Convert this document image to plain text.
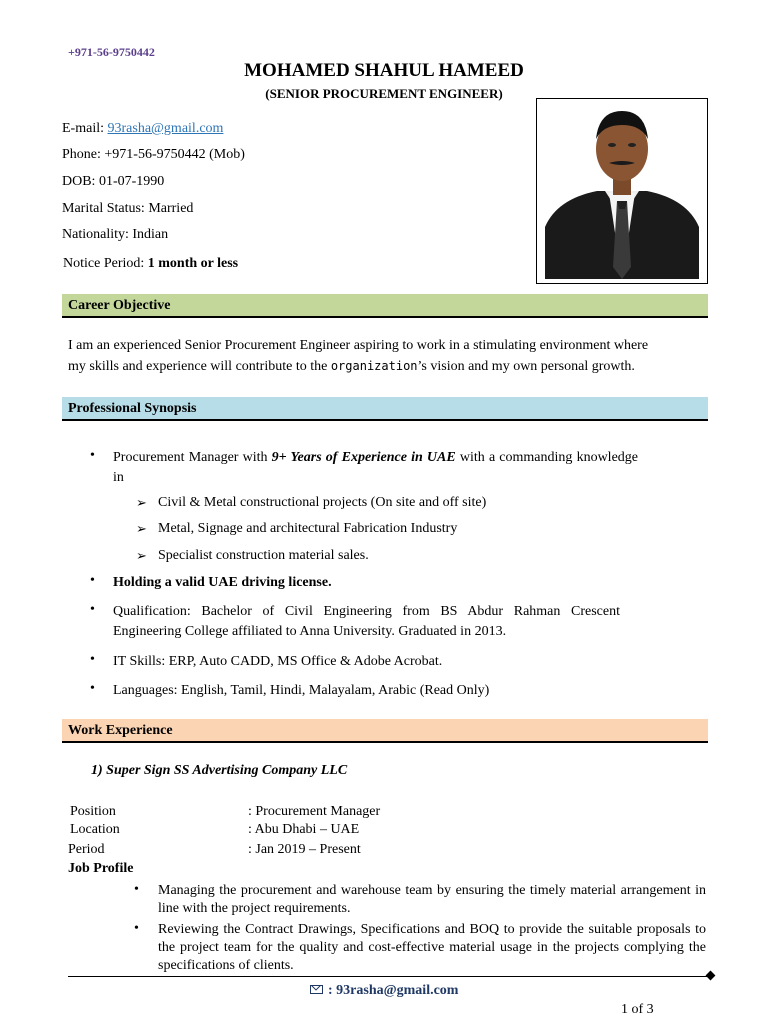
+971-56-9750442
MOHAMED SHAHUL HAMEED
(SENIOR PROCUREMENT ENGINEER)
E-mail: 93rasha@gmail.com
Phone: +971-56-9750442 (Mob)
DOB: 01-07-1990
Marital Status: Married
Nationality: Indian
Notice Period: 1 month or less
Career Objective
I am an experienced Senior Procurement Engineer aspiring to work in a stimulating environment where
my skills and experience will contribute to the organization’s vision and my own personal growth.
Professional Synopsis
• Procurement Manager with 9+ Years of Experience in UAE with a commanding knowledge in
➢ Civil & Metal constructional projects (On site and off site)
➢ Metal, Signage and architectural Fabrication Industry
➢ Specialist construction material sales.
• Holding a valid UAE driving license.
• Qualification: Bachelor of Civil Engineering from BS Abdur Rahman Crescent Engineering College affiliated to Anna University. Graduated in 2013.
• IT Skills: ERP, Auto CADD, MS Office & Adobe Acrobat.
• Languages: English, Tamil, Hindi, Malayalam, Arabic (Read Only)
Work Experience
1) Super Sign SS Advertising Company LLC
Position	: Procurement Manager
Location	: Abu Dhabi – UAE
Period	: Jan 2019 – Present
Job Profile
• Managing the procurement and warehouse team by ensuring the timely material arrangement in line with the project requirements.
• Reviewing the Contract Drawings, Specifications and BOQ to provide the suitable proposals to the project team for the quality and cost-effective material usage in the projects complying the specifications of clients.
: 93rasha@gmail.com
1 of 3
